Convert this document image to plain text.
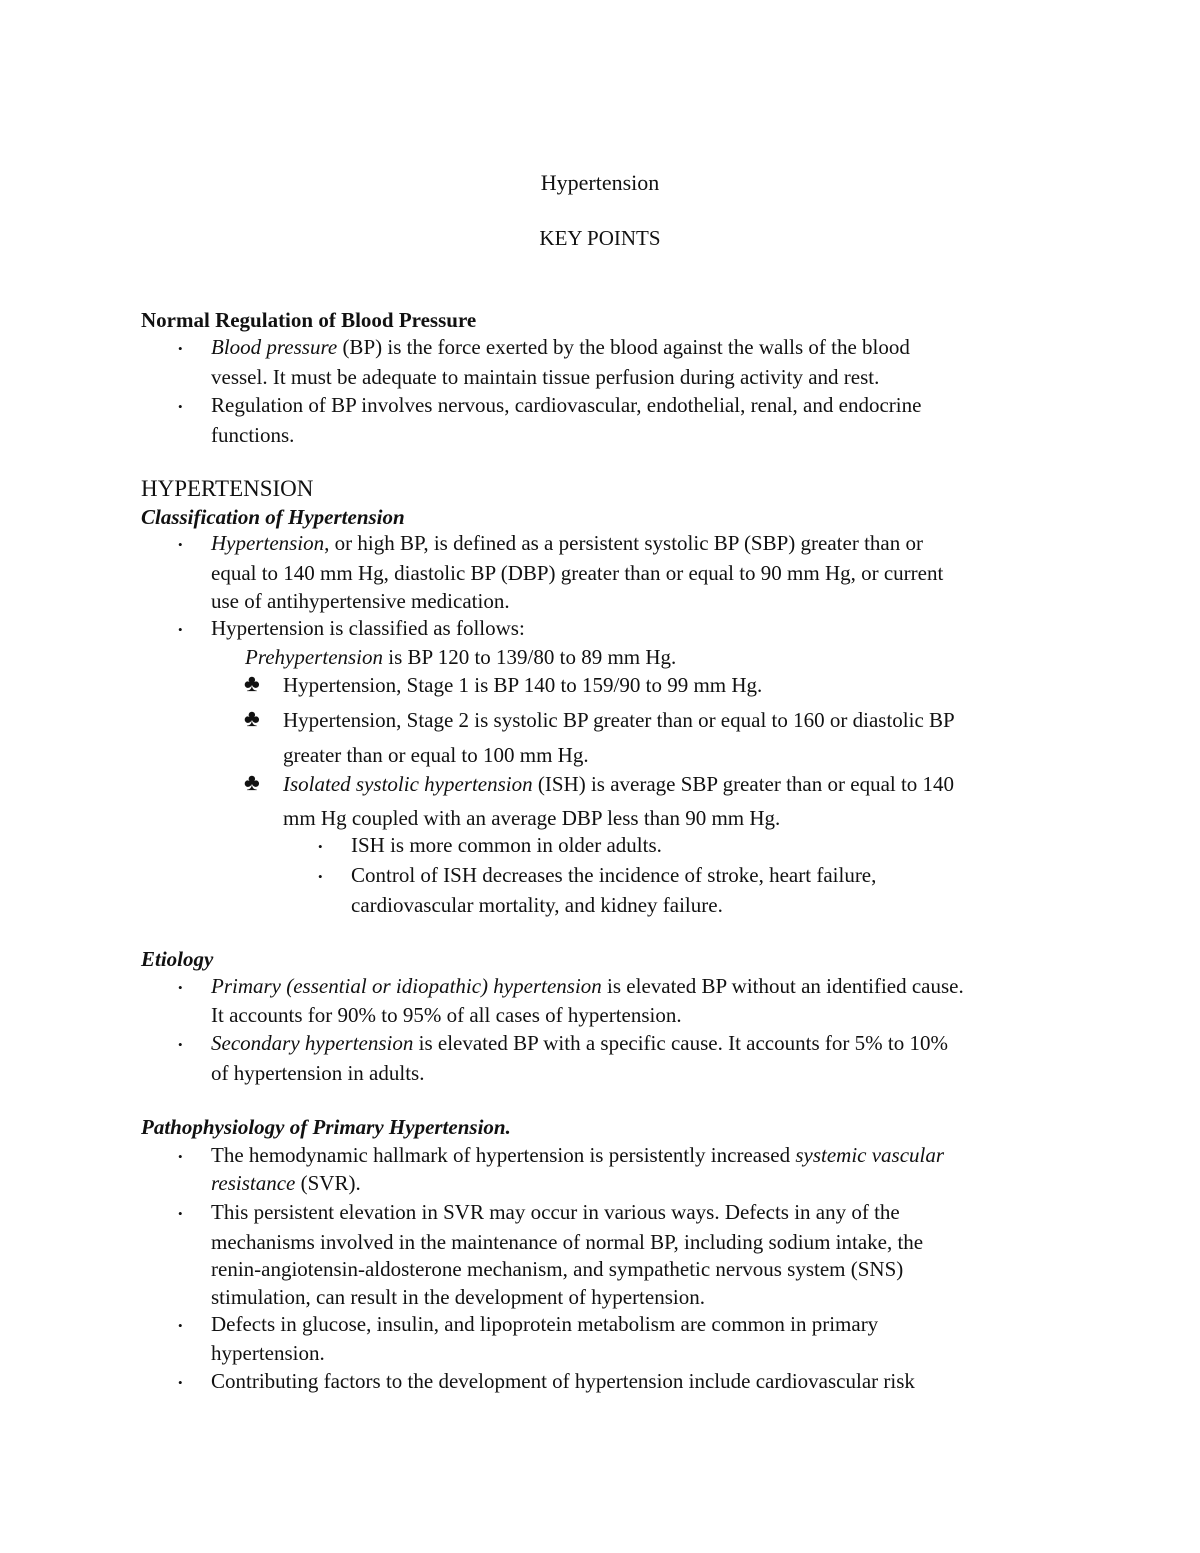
Hypertension
KEY POINTS
Normal Regulation of Blood Pressure
• Blood pressure (BP) is the force exerted by the blood against the walls of the blood
vessel. It must be adequate to maintain tissue perfusion during activity and rest.
• Regulation of BP involves nervous, cardiovascular, endothelial, renal, and endocrine
functions.
HYPERTENSION
Classification of Hypertension
• Hypertension, or high BP, is defined as a persistent systolic BP (SBP) greater than or
equal to 140 mm Hg, diastolic BP (DBP) greater than or equal to 90 mm Hg, or current
use of antihypertensive medication.
• Hypertension is classified as follows:
Prehypertension is BP 120 to 139/80 to 89 mm Hg.
♣ Hypertension, Stage 1 is BP 140 to 159/90 to 99 mm Hg.
♣ Hypertension, Stage 2 is systolic BP greater than or equal to 160 or diastolic BP
greater than or equal to 100 mm Hg.
♣ Isolated systolic hypertension (ISH) is average SBP greater than or equal to 140
mm Hg coupled with an average DBP less than 90 mm Hg.
• ISH is more common in older adults.
• Control of ISH decreases the incidence of stroke, heart failure,
cardiovascular mortality, and kidney failure.
Etiology
• Primary (essential or idiopathic) hypertension is elevated BP without an identified cause.
It accounts for 90% to 95% of all cases of hypertension.
• Secondary hypertension is elevated BP with a specific cause. It accounts for 5% to 10%
of hypertension in adults.
Pathophysiology of Primary Hypertension.
• The hemodynamic hallmark of hypertension is persistently increased systemic vascular
resistance (SVR).
• This persistent elevation in SVR may occur in various ways. Defects in any of the
mechanisms involved in the maintenance of normal BP, including sodium intake, the
renin-angiotensin-aldosterone mechanism, and sympathetic nervous system (SNS)
stimulation, can result in the development of hypertension.
• Defects in glucose, insulin, and lipoprotein metabolism are common in primary
hypertension.
• Contributing factors to the development of hypertension include cardiovascular risk
